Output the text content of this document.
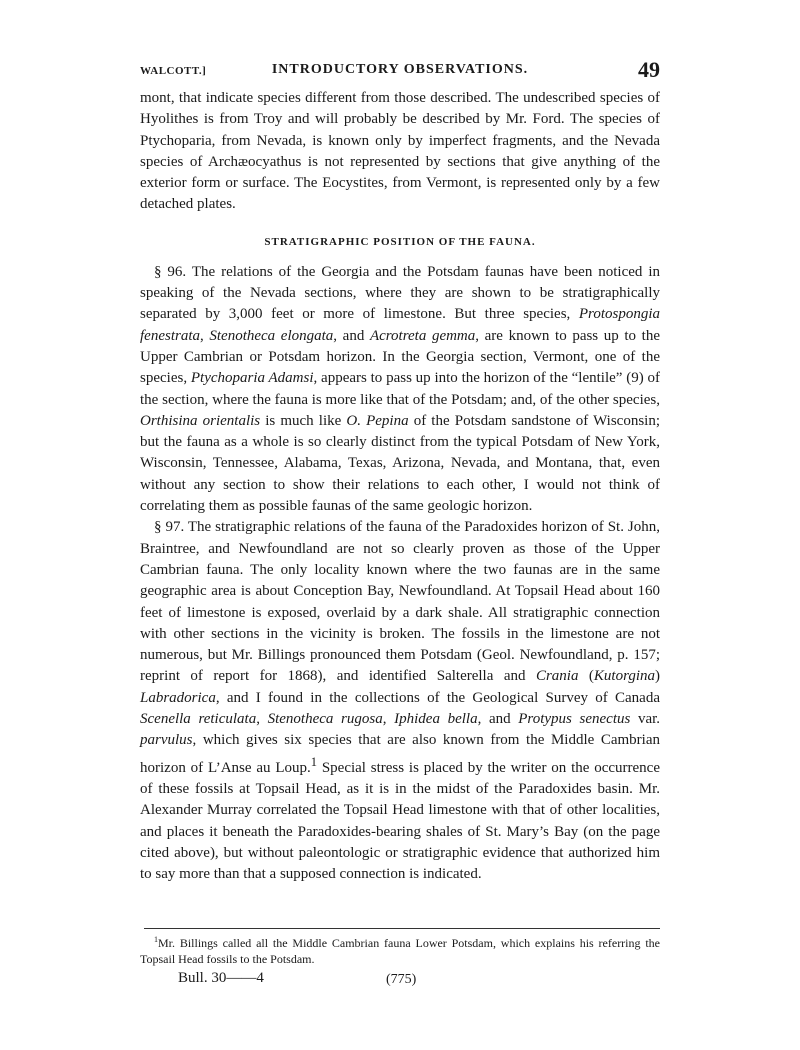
WALCOTT.]	INTRODUCTORY OBSERVATIONS.	49

mont, that indicate species different from those described. The undescribed species of Hyolithes is from Troy and will probably be described by Mr. Ford. The species of Ptychoparia, from Nevada, is known only by imperfect fragments, and the Nevada species of Archæocyathus is not represented by sections that give anything of the exterior form or surface. The Eocystites, from Vermont, is represented only by a few detached plates.

STRATIGRAPHIC POSITION OF THE FAUNA.

§ 96. The relations of the Georgia and the Potsdam faunas have been noticed in speaking of the Nevada sections, where they are shown to be stratigraphically separated by 3,000 feet or more of limestone. But three species, Protospongia fenestrata, Stenotheca elongata, and Acrotreta gemma, are known to pass up to the Upper Cambrian or Potsdam horizon. In the Georgia section, Vermont, one of the species, Ptychoparia Adamsi, appears to pass up into the horizon of the “lentile” (9) of the section, where the fauna is more like that of the Potsdam; and, of the other species, Orthisina orientalis is much like O. Pepina of the Potsdam sandstone of Wisconsin; but the fauna as a whole is so clearly distinct from the typical Potsdam of New York, Wisconsin, Tennessee, Alabama, Texas, Arizona, Nevada, and Montana, that, even without any section to show their relations to each other, I would not think of correlating them as possible faunas of the same geologic horizon.

§ 97. The stratigraphic relations of the fauna of the Paradoxides horizon of St. John, Braintree, and Newfoundland are not so clearly proven as those of the Upper Cambrian fauna. The only locality known where the two faunas are in the same geographic area is about Conception Bay, Newfoundland. At Topsail Head about 160 feet of limestone is exposed, overlaid by a dark shale. All stratigraphic connection with other sections in the vicinity is broken. The fossils in the limestone are not numerous, but Mr. Billings pronounced them Potsdam (Geol. Newfoundland, p. 157; reprint of report for 1868), and identified Salterella and Crania (Kutorgina) Labradorica, and I found in the collections of the Geological Survey of Canada Scenella reticulata, Stenotheca rugosa, Iphidea bella, and Protypus senectus var. parvulus, which gives six species that are also known from the Middle Cambrian horizon of L’Anse au Loup.$^1$ Special stress is placed by the writer on the occurrence of these fossils at Topsail Head, as it is in the midst of the Paradoxides basin. Mr. Alexander Murray correlated the Topsail Head limestone with that of other localities, and places it beneath the Paradoxides-bearing shales of St. Mary’s Bay (on the page cited above), but without paleontologic or stratigraphic evidence that authorized him to say more than that a supposed connection is indicated.

$^1$Mr. Billings called all the Middle Cambrian fauna Lower Potsdam, which explains his referring the Topsail Head fossils to the Potsdam.

Bull. 30——4	(775)
